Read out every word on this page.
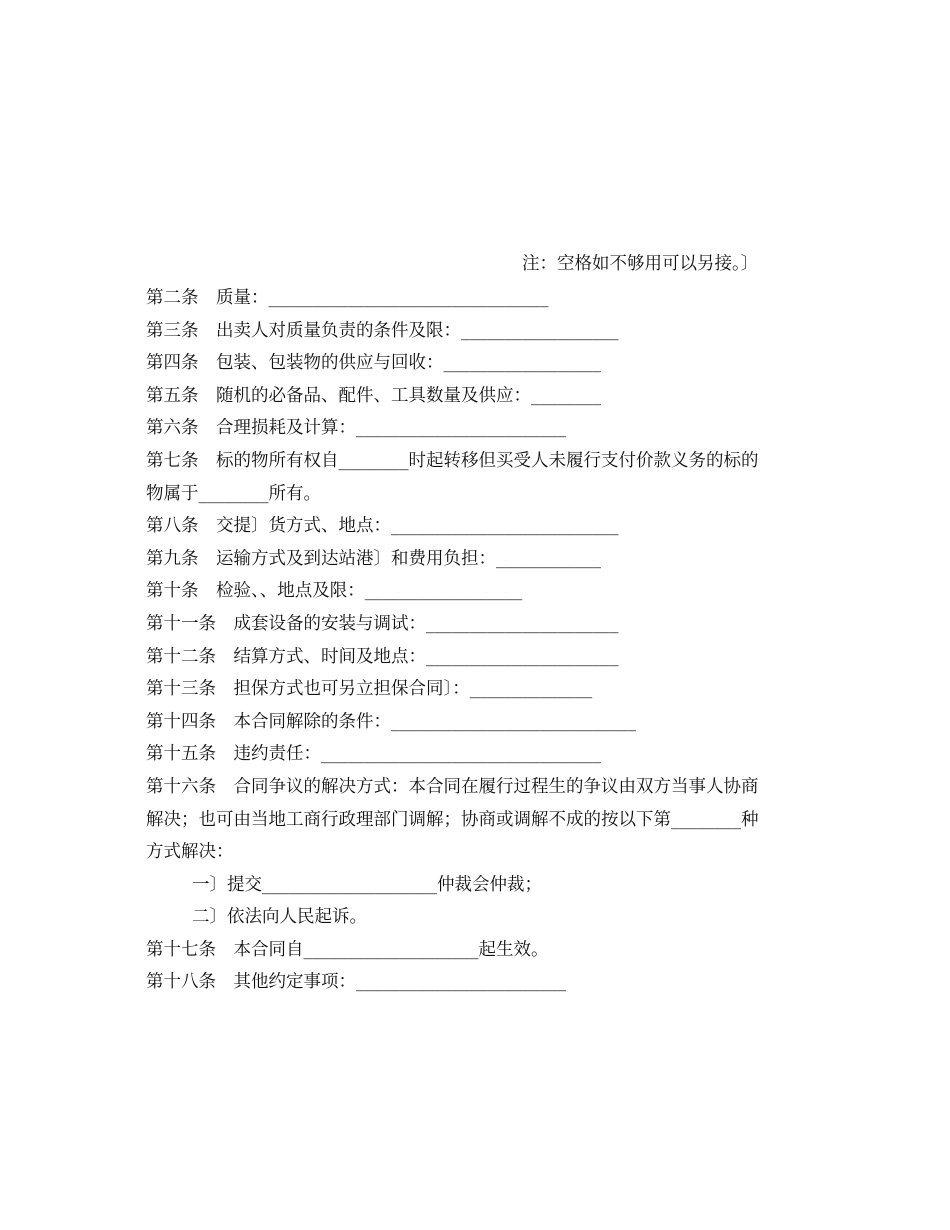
注：空格如不够用可以另接。〕
第二条　质量：________________________________
第三条　出卖人对质量负责的条件及限：__________________
第四条　包装、包装物的供应与回收：__________________
第五条　随机的必备品、配件、工具数量及供应：________
第六条　合理损耗及计算：________________________
第七条　标的物所有权自________时起转移但买受人未履行支付价款义务的标的
物属于________所有。
第八条　交提〕货方式、地点：__________________________
第九条　运输方式及到达站港〕和费用负担：____________
第十条　检验、、地点及限：__________________
第十一条　成套设备的安装与调试：______________________
第十二条　结算方式、时间及地点：______________________
第十三条　担保方式也可另立担保合同〕：______________
第十四条　本合同解除的条件：____________________________
第十五条　违约责任：________________________________
第十六条　合同争议的解决方式：本合同在履行过程生的争议由双方当事人协商
解决；也可由当地工商行政理部门调解；协商或调解不成的按以下第________种
方式解决：
一〕提交____________________仲裁会仲裁；
二〕依法向人民起诉。
第十七条　本合同自____________________起生效。
第十八条　其他约定事项：________________________
